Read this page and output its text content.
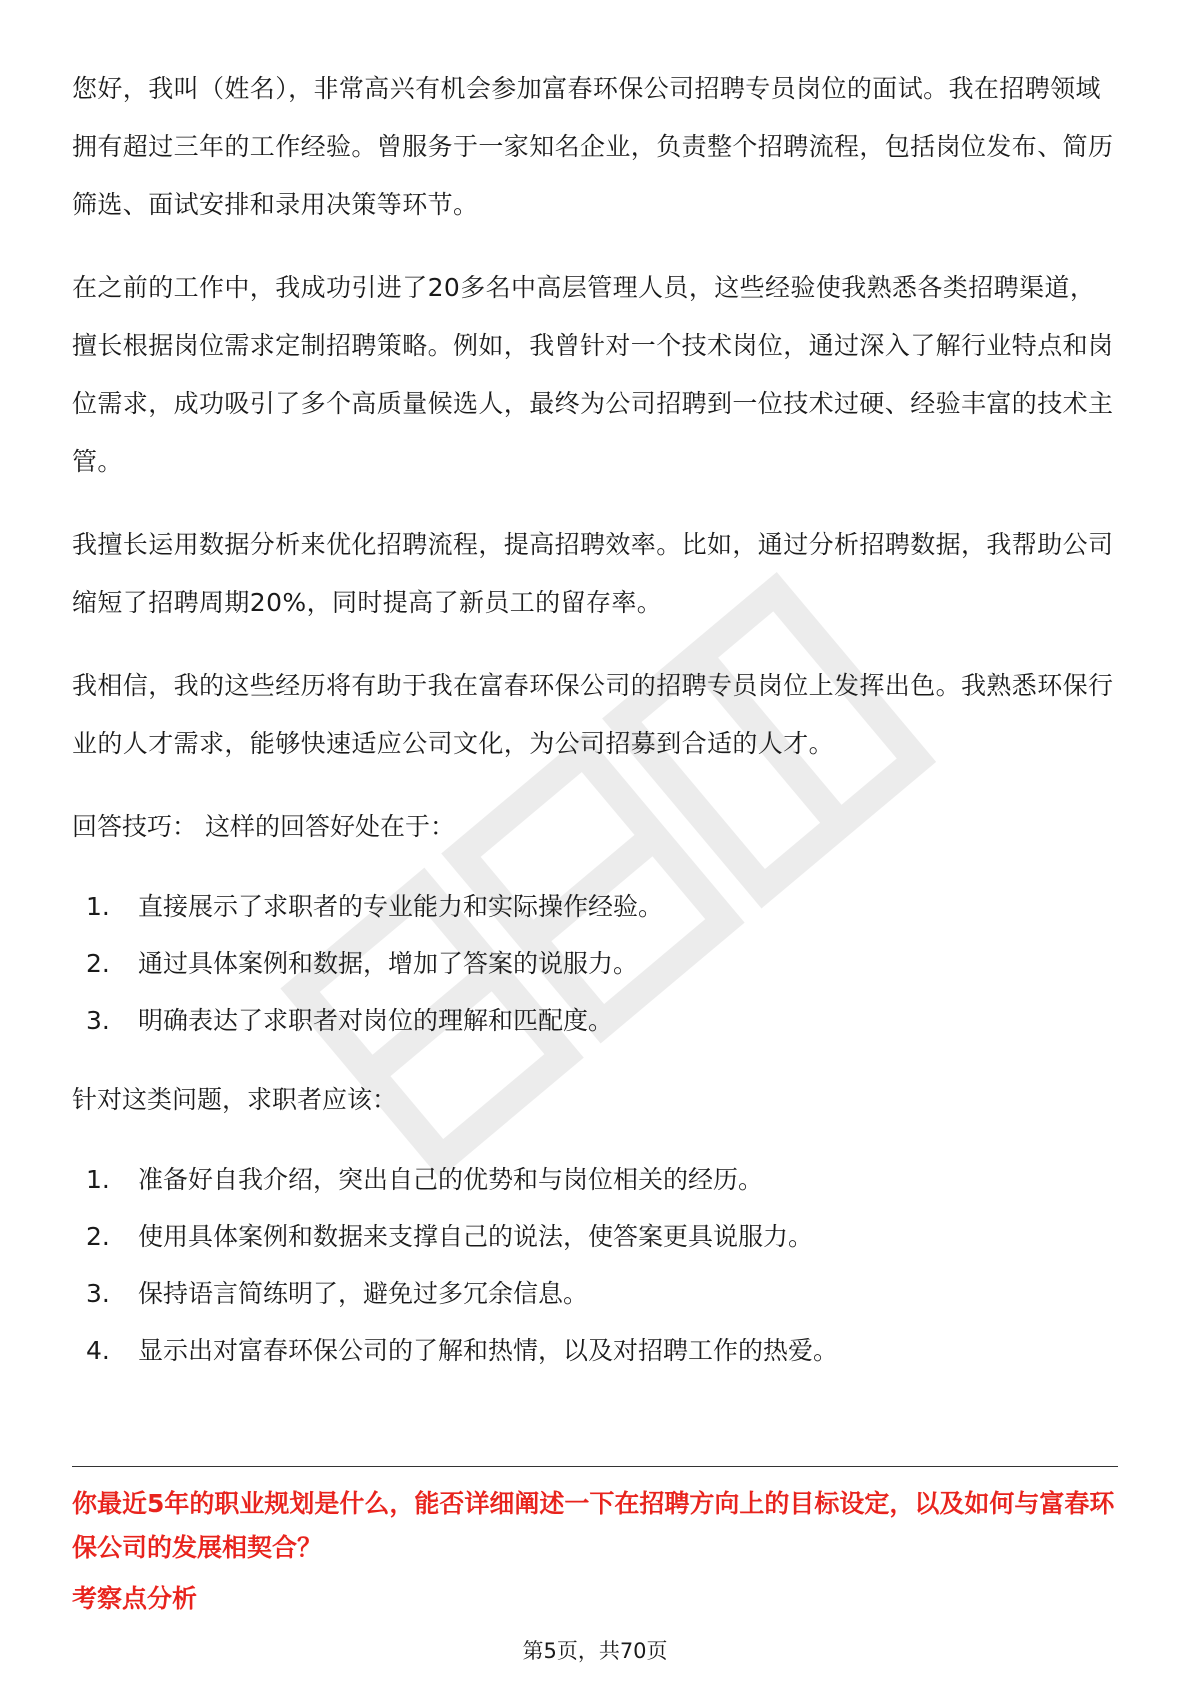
您好，我叫（姓名），非常高兴有机会参加富春环保公司招聘专员岗位的面试。我在招聘领域拥有超过三年的工作经验。曾服务于一家知名企业，负责整个招聘流程，包括岗位发布、简历筛选、面试安排和录用决策等环节。

在之前的工作中，我成功引进了20多名中高层管理人员，这些经验使我熟悉各类招聘渠道，擅长根据岗位需求定制招聘策略。例如，我曾针对一个技术岗位，通过深入了解行业特点和岗位需求，成功吸引了多个高质量候选人，最终为公司招聘到一位技术过硬、经验丰富的技术主管。

我擅长运用数据分析来优化招聘流程，提高招聘效率。比如，通过分析招聘数据，我帮助公司缩短了招聘周期20%，同时提高了新员工的留存率。

我相信，我的这些经历将有助于我在富春环保公司的招聘专员岗位上发挥出色。我熟悉环保行业的人才需求，能够快速适应公司文化，为公司招募到合适的人才。

回答技巧： 这样的回答好处在于：
1. 直接展示了求职者的专业能力和实际操作经验。
2. 通过具体案例和数据，增加了答案的说服力。
3. 明确表达了求职者对岗位的理解和匹配度。
针对这类问题，求职者应该：
1. 准备好自我介绍，突出自己的优势和与岗位相关的经历。
2. 使用具体案例和数据来支撑自己的说法，使答案更具说服力。
3. 保持语言简练明了，避免过多冗余信息。
4. 显示出对富春环保公司的了解和热情，以及对招聘工作的热爱。
你最近5年的职业规划是什么，能否详细阐述一下在招聘方向上的目标设定，以及如何与富春环保公司的发展相契合？
考察点分析
第5页，共70页
